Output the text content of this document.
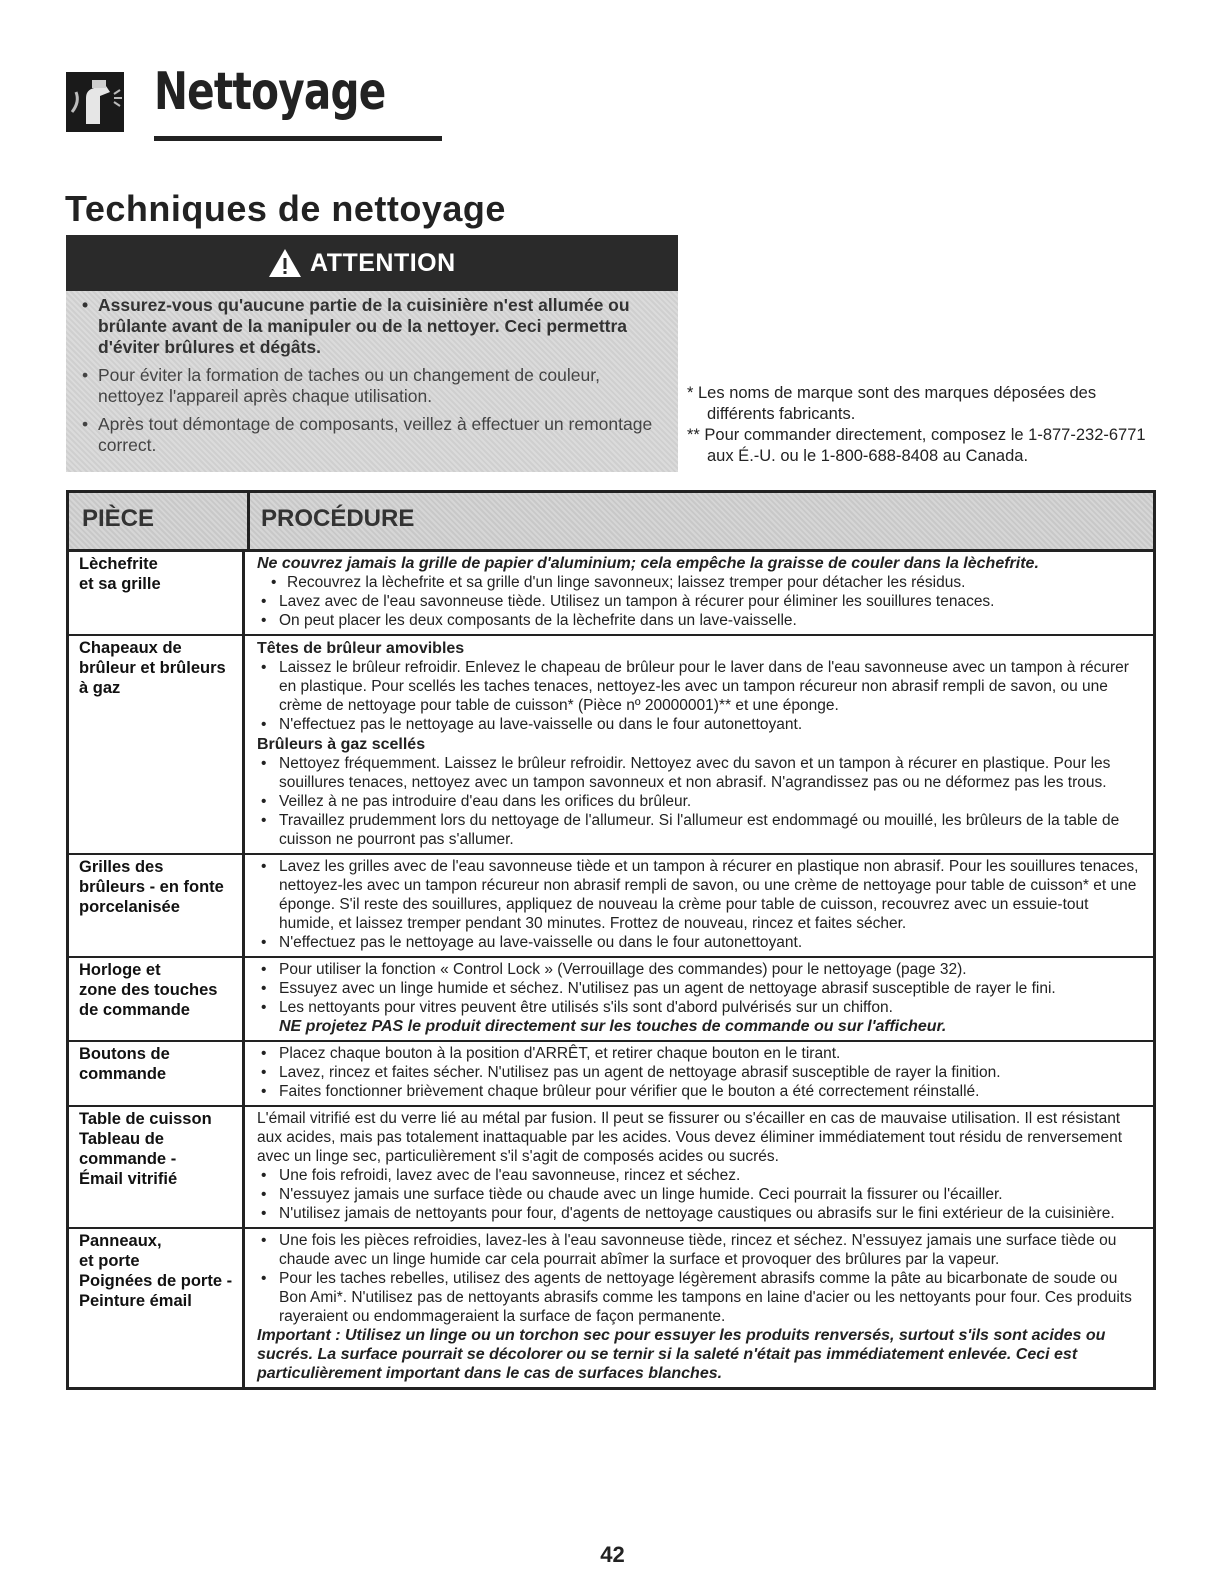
Nettoyage
Techniques de nettoyage
ATTENTION
• Assurez-vous qu'aucune partie de la cuisinière n'est allumée ou brûlante avant de la manipuler ou de la nettoyer. Ceci permettra d'éviter brûlures et dégâts.
• Pour éviter la formation de taches ou un changement de couleur, nettoyez l'appareil après chaque utilisation.
• Après tout démontage de composants, veillez à effectuer un remontage correct.

* Les noms de marque sont des marques déposées des différents fabricants.

** Pour commander directement, composez le 1-877-232-6771 aux É.-U. ou le 1-800-688-8408 au Canada.

PIÈCE	PROCÉDURE
Lèchefrite
et sa grille

Ne couvrez jamais la grille de papier d'aluminium; cela empêche la graisse de couler dans la lèchefrite.

• Recouvrez la lèchefrite et sa grille d'un linge savonneux; laissez tremper pour détacher les résidus.
• Lavez avec de l'eau savonneuse tiède. Utilisez un tampon à récurer pour éliminer les souillures tenaces.
• On peut placer les deux composants de la lèchefrite dans un lave-vaisselle.
Chapeaux de
brûleur et brûleurs
à gaz

Têtes de brûleur amovibles

• Laissez le brûleur refroidir. Enlevez le chapeau de brûleur pour le laver dans de l'eau savonneuse avec un tampon à récurer en plastique. Pour scellés les taches tenaces, nettoyez-les avec un tampon récureur non abrasif rempli de savon, ou une crème de nettoyage pour table de cuisson* (Pièce nº 20000001)** et une éponge.
• N'effectuez pas le nettoyage au lave-vaisselle ou dans le four autonettoyant.

Brûleurs à gaz scellés

• Nettoyez fréquemment. Laissez le brûleur refroidir. Nettoyez avec du savon et un tampon à récurer en plastique. Pour les souillures tenaces, nettoyez avec un tampon savonneux et non abrasif. N'agrandissez pas ou ne déformez pas les trous.
• Veillez à ne pas introduire d'eau dans les orifices du brûleur.
• Travaillez prudemment lors du nettoyage de l'allumeur. Si l'allumeur est endommagé ou mouillé, les brûleurs de la table de cuisson ne pourront pas s'allumer.
Grilles des
brûleurs - en fonte
porcelanisée
• Lavez les grilles avec de l'eau savonneuse tiède et un tampon à récurer en plastique non abrasif. Pour les souillures tenaces, nettoyez-les avec un tampon récureur non abrasif rempli de savon, ou une crème de nettoyage pour table de cuisson* et une éponge. S'il reste des souillures, appliquez de nouveau la crème pour table de cuisson, recouvrez avec un essuie-tout humide, et laissez tremper pendant 30 minutes. Frottez de nouveau, rincez et faites sécher.
• N'effectuez pas le nettoyage au lave-vaisselle ou dans le four autonettoyant.
Horloge et
zone des touches
de commande
• Pour utiliser la fonction « Control Lock » (Verrouillage des commandes) pour le nettoyage (page 32).
• Essuyez avec un linge humide et séchez. N'utilisez pas un agent de nettoyage abrasif susceptible de rayer le fini.
• Les nettoyants pour vitres peuvent être utilisés s'ils sont d'abord pulvérisés sur un chiffon.

NE projetez PAS le produit directement sur les touches de commande ou sur l'afficheur.

Boutons de
commande
• Placez chaque bouton à la position d'ARRÊT, et retirer chaque bouton en le tirant.
• Lavez, rincez et faites sécher. N'utilisez pas un agent de nettoyage abrasif susceptible de rayer la finition.
• Faites fonctionner brièvement chaque brûleur pour vérifier que le bouton a été correctement réinstallé.
Table de cuisson
Tableau de
commande -
Émail vitrifié

L'émail vitrifié est du verre lié au métal par fusion. Il peut se fissurer ou s'écailler en cas de mauvaise utilisation. Il est résistant aux acides, mais pas totalement inattaquable par les acides. Vous devez éliminer immédiatement tout résidu de renversement avec un linge sec, particulièrement s'il s'agit de composés acides ou sucrés.

• Une fois refroidi, lavez avec de l'eau savonneuse, rincez et séchez.
• N'essuyez jamais une surface tiède ou chaude avec un linge humide. Ceci pourrait la fissurer ou l'écailler.
• N'utilisez jamais de nettoyants pour four, d'agents de nettoyage caustiques ou abrasifs sur le fini extérieur de la cuisinière.
Panneaux,
et porte
Poignées de porte -
Peinture émail
• Une fois les pièces refroidies, lavez-les à l'eau savonneuse tiède, rincez et séchez. N'essuyez jamais une surface tiède ou chaude avec un linge humide car cela pourrait abîmer la surface et provoquer des brûlures par la vapeur.
• Pour les taches rebelles, utilisez des agents de nettoyage légèrement abrasifs comme la pâte au bicarbonate de soude ou Bon Ami*. N'utilisez pas de nettoyants abrasifs comme les tampons en laine d'acier ou les nettoyants pour four. Ces produits rayeraient ou endommageraient la surface de façon permanente.

Important : Utilisez un linge ou un torchon sec pour essuyer les produits renversés, surtout s'ils sont acides ou sucrés. La surface pourrait se décolorer ou se ternir si la saleté n'était pas immédiatement enlevée. Ceci est particulièrement important dans le cas de surfaces blanches.

42
